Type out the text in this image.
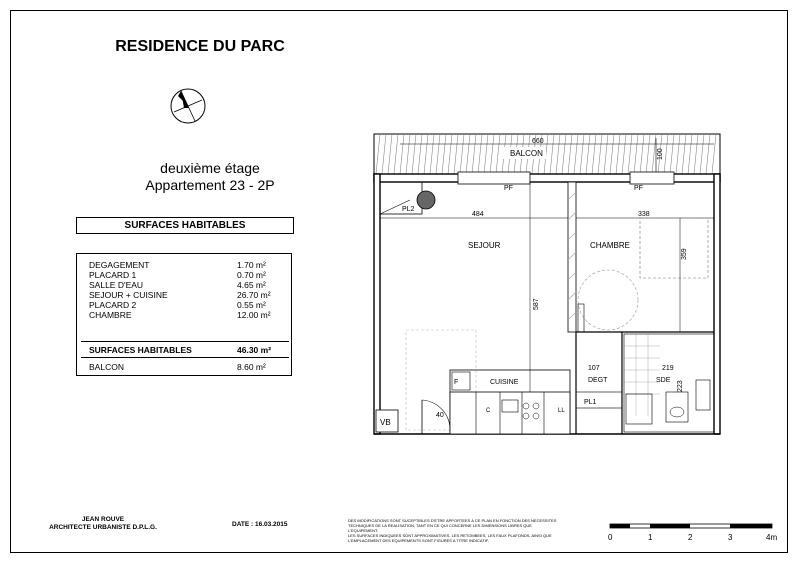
RESIDENCE DU PARC
deuxième étage
Appartement 23 - 2P
SURFACES HABITABLES
DEGAGEMENT	1.70 m²
PLACARD 1	0.70 m²
SALLE D'EAU	4.65 m²
SEJOUR + CUISINE	26.70 m²
PLACARD 2	0.55 m²
CHAMBRE	12.00 m²
SURFACES HABITABLES	46.30 m²
BALCON	8.60 m²
BALCON
660
100
PF	PF
PL2
484	338
587
SEJOUR	CHAMBRE
359
F	CUISINE
C	LL
40
VB
107
DEGT
PL1
219
SDE 223
JEAN ROUVE
ARCHITECTE URBANISTE D.P.L.G.	DATE : 16.03.2015
DES MODIFICATIONS SONT SUCEPTIBLES D'ETRE APPORTEES A CE PLAN EN FONCTION DES NECESSITES
TECHNIQUES DE LA REALISATION, TANT EN CE QUI CONCERNE LES DIMENSIONS LIBRES QUE
L'EQUIPEMENT.
LES SURFACES INDIQUEES SONT APPROXIMATIVES. LES RETOMBEES, LES FAUX PLAFONDS, AINSI QUE
L'EMPLACEMENT DES EQUIPEMENTS SONT FIGURES A TITRE INDICATIF.	0	1	2	3	4m
